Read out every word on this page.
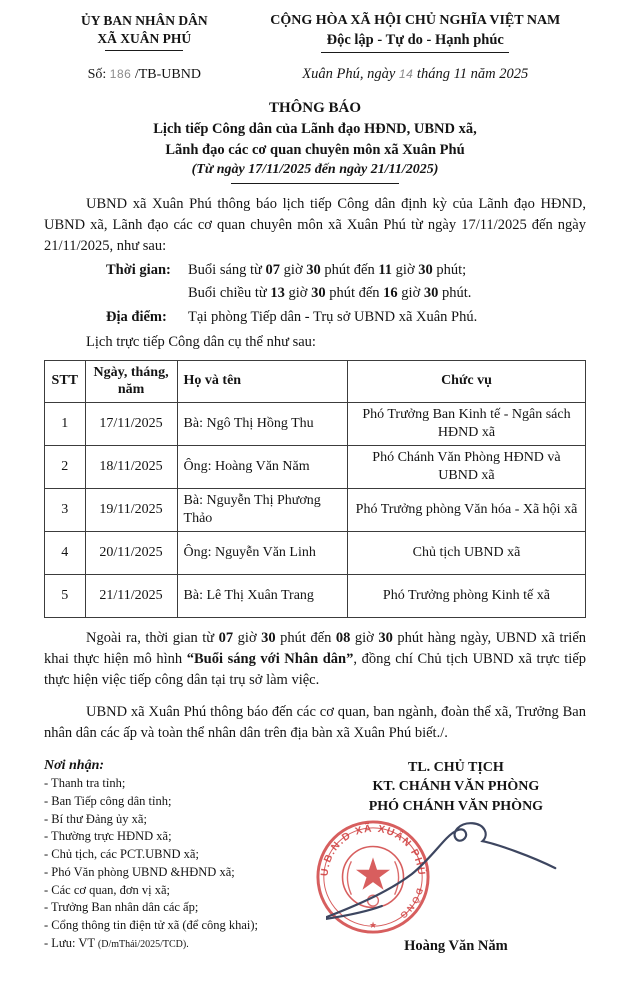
ỦY BAN NHÂN DÂN
XÃ XUÂN PHÚ
CỘNG HÒA XÃ HỘI CHỦ NGHĨA VIỆT NAM
Độc lập - Tự do - Hạnh phúc
Số: 186 /TB-UBND	Xuân Phú, ngày 14 tháng 11 năm 2025
THÔNG BÁO
Lịch tiếp Công dân của Lãnh đạo HĐND, UBND xã,
Lãnh đạo các cơ quan chuyên môn xã Xuân Phú
(Từ ngày 17/11/2025 đến ngày 21/11/2025)
UBND xã Xuân Phú thông báo lịch tiếp Công dân định kỳ của Lãnh đạo HĐND, UBND xã, Lãnh đạo các cơ quan chuyên môn xã Xuân Phú từ ngày 17/11/2025 đến ngày 21/11/2025, như sau:
Thời gian: Buổi sáng từ 07 giờ 30 phút đến 11 giờ 30 phút;
Buổi chiều từ 13 giờ 30 phút đến 16 giờ 30 phút.
Địa điểm: Tại phòng Tiếp dân - Trụ sở UBND xã Xuân Phú.
Lịch trực tiếp Công dân cụ thể như sau:
STT	Ngày, tháng, năm	Họ và tên	Chức vụ
1	17/11/2025	Bà: Ngô Thị Hồng Thu	Phó Trưởng Ban Kinh tế - Ngân sách HĐND xã
2	18/11/2025	Ông: Hoàng Văn Năm	Phó Chánh Văn Phòng HĐND và UBND xã
3	19/11/2025	Bà: Nguyễn Thị Phương Thảo	Phó Trưởng phòng Văn hóa - Xã hội xã
4	20/11/2025	Ông: Nguyễn Văn Linh	Chủ tịch UBND xã
5	21/11/2025	Bà: Lê Thị Xuân Trang	Phó Trưởng phòng Kinh tế xã
Ngoài ra, thời gian từ 07 giờ 30 phút đến 08 giờ 30 phút hàng ngày, UBND xã triển khai thực hiện mô hình “Buổi sáng với Nhân dân”, đồng chí Chủ tịch UBND xã trực tiếp thực hiện việc tiếp công dân tại trụ sở làm việc.
UBND xã Xuân Phú thông báo đến các cơ quan, ban ngành, đoàn thể xã, Trưởng Ban nhân dân các ấp và toàn thể nhân dân trên địa bàn xã Xuân Phú biết./.
Nơi nhận:
- Thanh tra tỉnh;
- Ban Tiếp công dân tỉnh;
- Bí thư Đảng ủy xã;
- Thường trực HĐND xã;
- Chủ tịch, các PCT.UBND xã;
- Phó Văn phòng UBND &HĐND xã;
- Các cơ quan, đơn vị xã;
- Trưởng Ban nhân dân các ấp;
- Cổng thông tin điện tử xã (để công khai);
- Lưu: VT (D/mThái/2025/TCD).
TL. CHỦ TỊCH
KT. CHÁNH VĂN PHÒNG
PHÓ CHÁNH VĂN PHÒNG
U.B.N.D XÃ XUÂN PHÚ
ĐỒNG
★
Hoàng Văn Năm
